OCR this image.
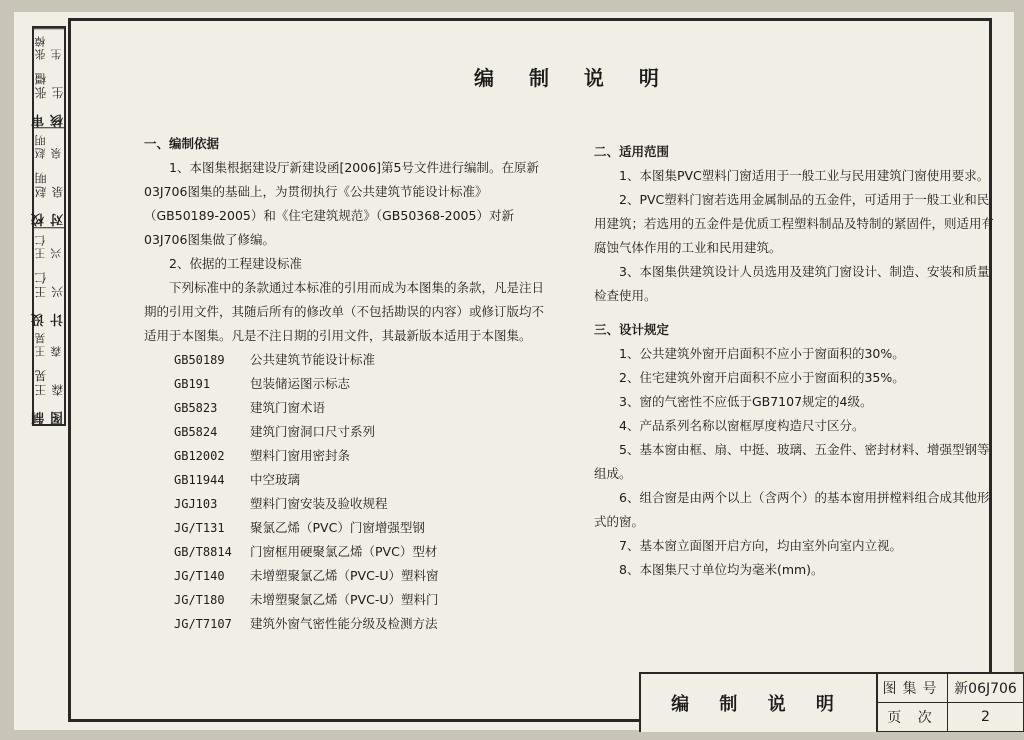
审核
张橿生
张樟生
校对
赵明泉
赵明泉
设计
王仁兴
王仁兴
制图
王晃森
王晃森
编 制 说 明
一、编制依据
1、本图集根据建设厅新建设函[2006]第5号文件进行编制。在原新03J706图集的基础上，为贯彻执行《公共建筑节能设计标准》（GB50189-2005）和《住宅建筑规范》（GB50368-2005）对新03J706图集做了修编。
2、依据的工程建设标准
下列标准中的条款通过本标准的引用而成为本图集的条款，凡是注日期的引用文件，其随后所有的修改单（不包括勘误的内容）或修订版均不适用于本图集。凡是不注日期的引用文件，其最新版本适用于本图集。
GB50189	公共建筑节能设计标准
GB191	包装储运图示标志
GB5823	建筑门窗术语
GB5824	建筑门窗洞口尺寸系列
GB12002	塑料门窗用密封条
GB11944	中空玻璃
JGJ103	塑料门窗安装及验收规程
JG/T131	聚氯乙烯（PVC）门窗增强型钢
GB/T8814	门窗框用硬聚氯乙烯（PVC）型材
JG/T140	未增塑聚氯乙烯（PVC-U）塑料窗
JG/T180	未增塑聚氯乙烯（PVC-U）塑料门
JG/T7107	建筑外窗气密性能分级及检测方法
二、适用范围
1、本图集PVC塑料门窗适用于一般工业与民用建筑门窗使用要求。
2、PVC塑料门窗若选用金属制品的五金件，可适用于一般工业和民用建筑；若选用的五金件是优质工程塑料制品及特制的紧固件，则适用有腐蚀气体作用的工业和民用建筑。
3、本图集供建筑设计人员选用及建筑门窗设计、制造、安装和质量检查使用。
三、设计规定
1、公共建筑外窗开启面积不应小于窗面积的30%。
2、住宅建筑外窗开启面积不应小于窗面积的35%。
3、窗的气密性不应低于GB7107规定的4级。
4、产品系列名称以窗框厚度构造尺寸区分。
5、基本窗由框、扇、中挺、玻璃、五金件、密封材料、增强型钢等组成。
6、组合窗是由两个以上（含两个）的基本窗用拼樘料组合成其他形式的窗。
7、基本窗立面图开启方向，均由室外向室内立视。
8、本图集尺寸单位均为毫米(mm)。
编 制 说 明
图集号 新06J706
页 次	2
